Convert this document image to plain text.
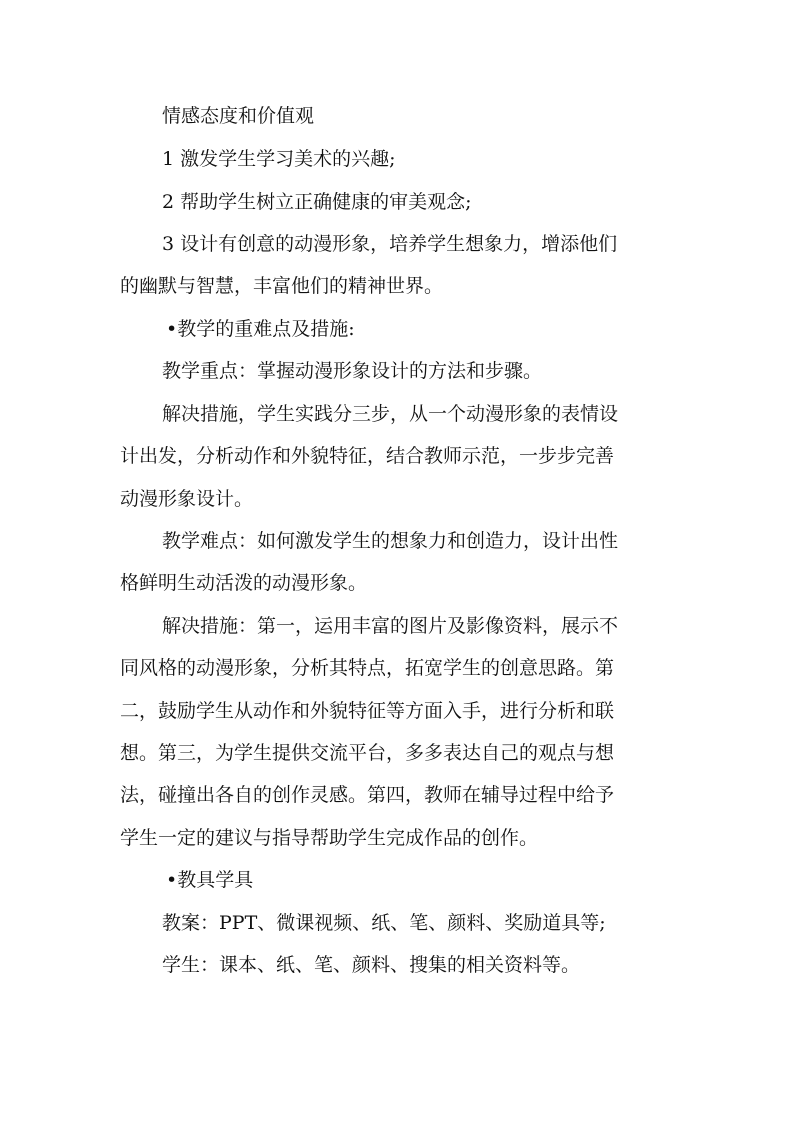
情感态度和价值观
1 激发学生学习美术的兴趣;
2 帮助学生树立正确健康的审美观念;
3 设计有创意的动漫形象，培养学生想象力，增添他们
的幽默与智慧，丰富他们的精神世界。
•教学的重难点及措施:
教学重点：掌握动漫形象设计的方法和步骤。
解决措施，学生实践分三步，从一个动漫形象的表情设
计出发，分析动作和外貌特征，结合教师示范，一步步完善
动漫形象设计。
教学难点：如何激发学生的想象力和创造力，设计出性
格鲜明生动活泼的动漫形象。
解决措施：第一，运用丰富的图片及影像资料，展示不
同风格的动漫形象，分析其特点，拓宽学生的创意思路。第
二，鼓励学生从动作和外貌特征等方面入手，进行分析和联
想。第三，为学生提供交流平台，多多表达自己的观点与想
法，碰撞出各自的创作灵感。第四，教师在辅导过程中给予
学生一定的建议与指导帮助学生完成作品的创作。
•教具学具
教案：PPT、微课视频、纸、笔、颜料、奖励道具等;
学生：课本、纸、笔、颜料、搜集的相关资料等。
